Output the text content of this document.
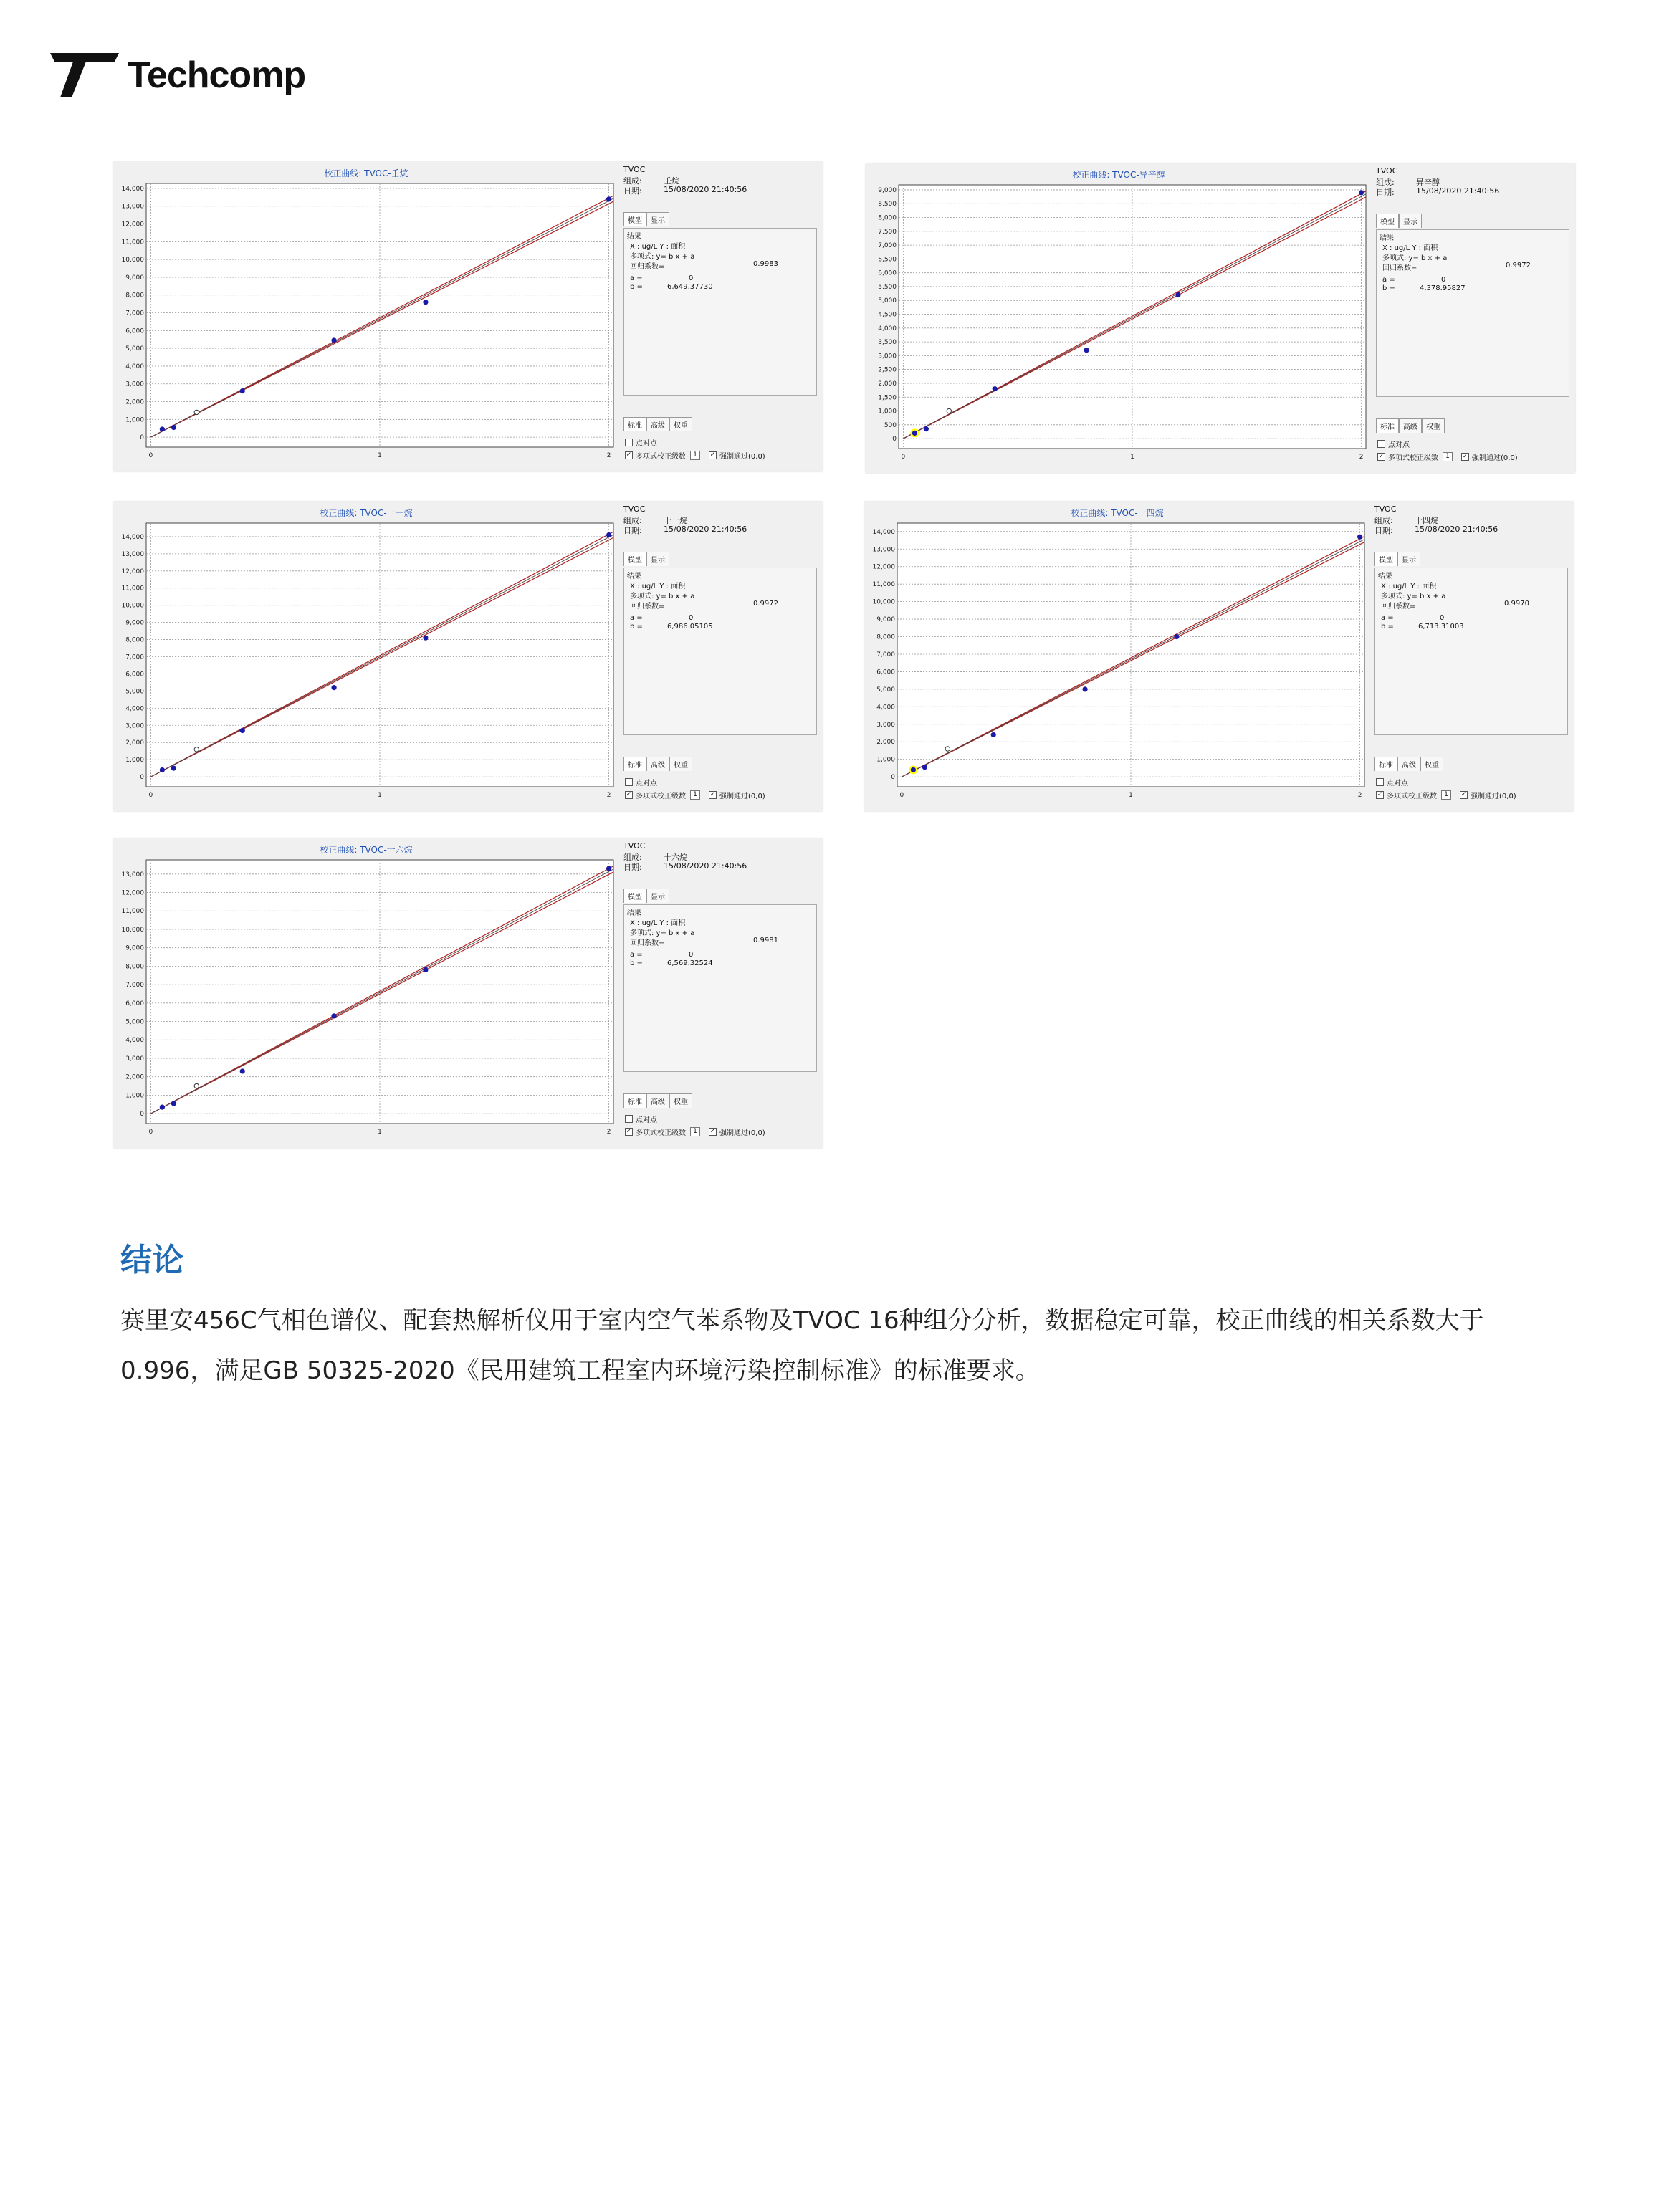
Techcomp
校正曲线: TVOC-壬烷
0
1,000
2,000
3,000
4,000
5,000
6,000
7,000
8,000
9,000
10,000
11,000
12,000
13,000
14,000
0	1	2
TVOC
组成:	壬烷
日期:	15/08/2020 21:40:56
模型	显示
结果
X : ug/L Y : 面积
多项式: y= b x + a
回归系数=	0.9983
a =	0
b =	6,649.37730
标准	高级	权重
点对点
✓ 多项式校正级数	1	✓ 强制通过(0,0)
校正曲线: TVOC-异辛醇
0
500
1,000
1,500
2,000
2,500
3,000
3,500
4,000
4,500
5,000
5,500
6,000
6,500
7,000
7,500
8,000
8,500
9,000
0	1	2
TVOC
组成:	异辛醇
日期:	15/08/2020 21:40:56
模型	显示
结果
X : ug/L Y : 面积
多项式: y= b x + a
回归系数=	0.9972
a =	0
b =	4,378.95827
标准	高级	权重
点对点
✓ 多项式校正级数	1	✓ 强制通过(0,0)
校正曲线: TVOC-十一烷
0
1,000
2,000
3,000
4,000
5,000
6,000
7,000
8,000
9,000
10,000
11,000
12,000
13,000
14,000
0	1	2
TVOC
组成:	十一烷
日期:	15/08/2020 21:40:56
模型	显示
结果
X : ug/L Y : 面积
多项式: y= b x + a
回归系数=	0.9972
a =	0
b =	6,986.05105
标准	高级	权重
点对点
✓ 多项式校正级数	1	✓ 强制通过(0,0)
校正曲线: TVOC-十四烷
0
1,000
2,000
3,000
4,000
5,000
6,000
7,000
8,000
9,000
10,000
11,000
12,000
13,000
14,000
0	1	2
TVOC
组成:	十四烷
日期:	15/08/2020 21:40:56
模型	显示
结果
X : ug/L Y : 面积
多项式: y= b x + a
回归系数=	0.9970
a =	0
b =	6,713.31003
标准	高级	权重
点对点
✓ 多项式校正级数	1	✓ 强制通过(0,0)
校正曲线: TVOC-十六烷
0
1,000
2,000
3,000
4,000
5,000
6,000
7,000
8,000
9,000
10,000
11,000
12,000
13,000
0	1	2
TVOC
组成:	十六烷
日期:	15/08/2020 21:40:56
模型	显示
结果
X : ug/L Y : 面积
多项式: y= b x + a
回归系数=	0.9981
a =	0
b =	6,569.32524
标准	高级	权重
点对点
✓ 多项式校正级数	1	✓ 强制通过(0,0)
结论

赛里安456C气相色谱仪、配套热解析仪用于室内空气苯系物及TVOC 16种组分分析，数据稳定可靠，校正曲线的相关系数大于0.996，满足GB 50325-2020《民用建筑工程室内环境污染控制标准》的标准要求。
